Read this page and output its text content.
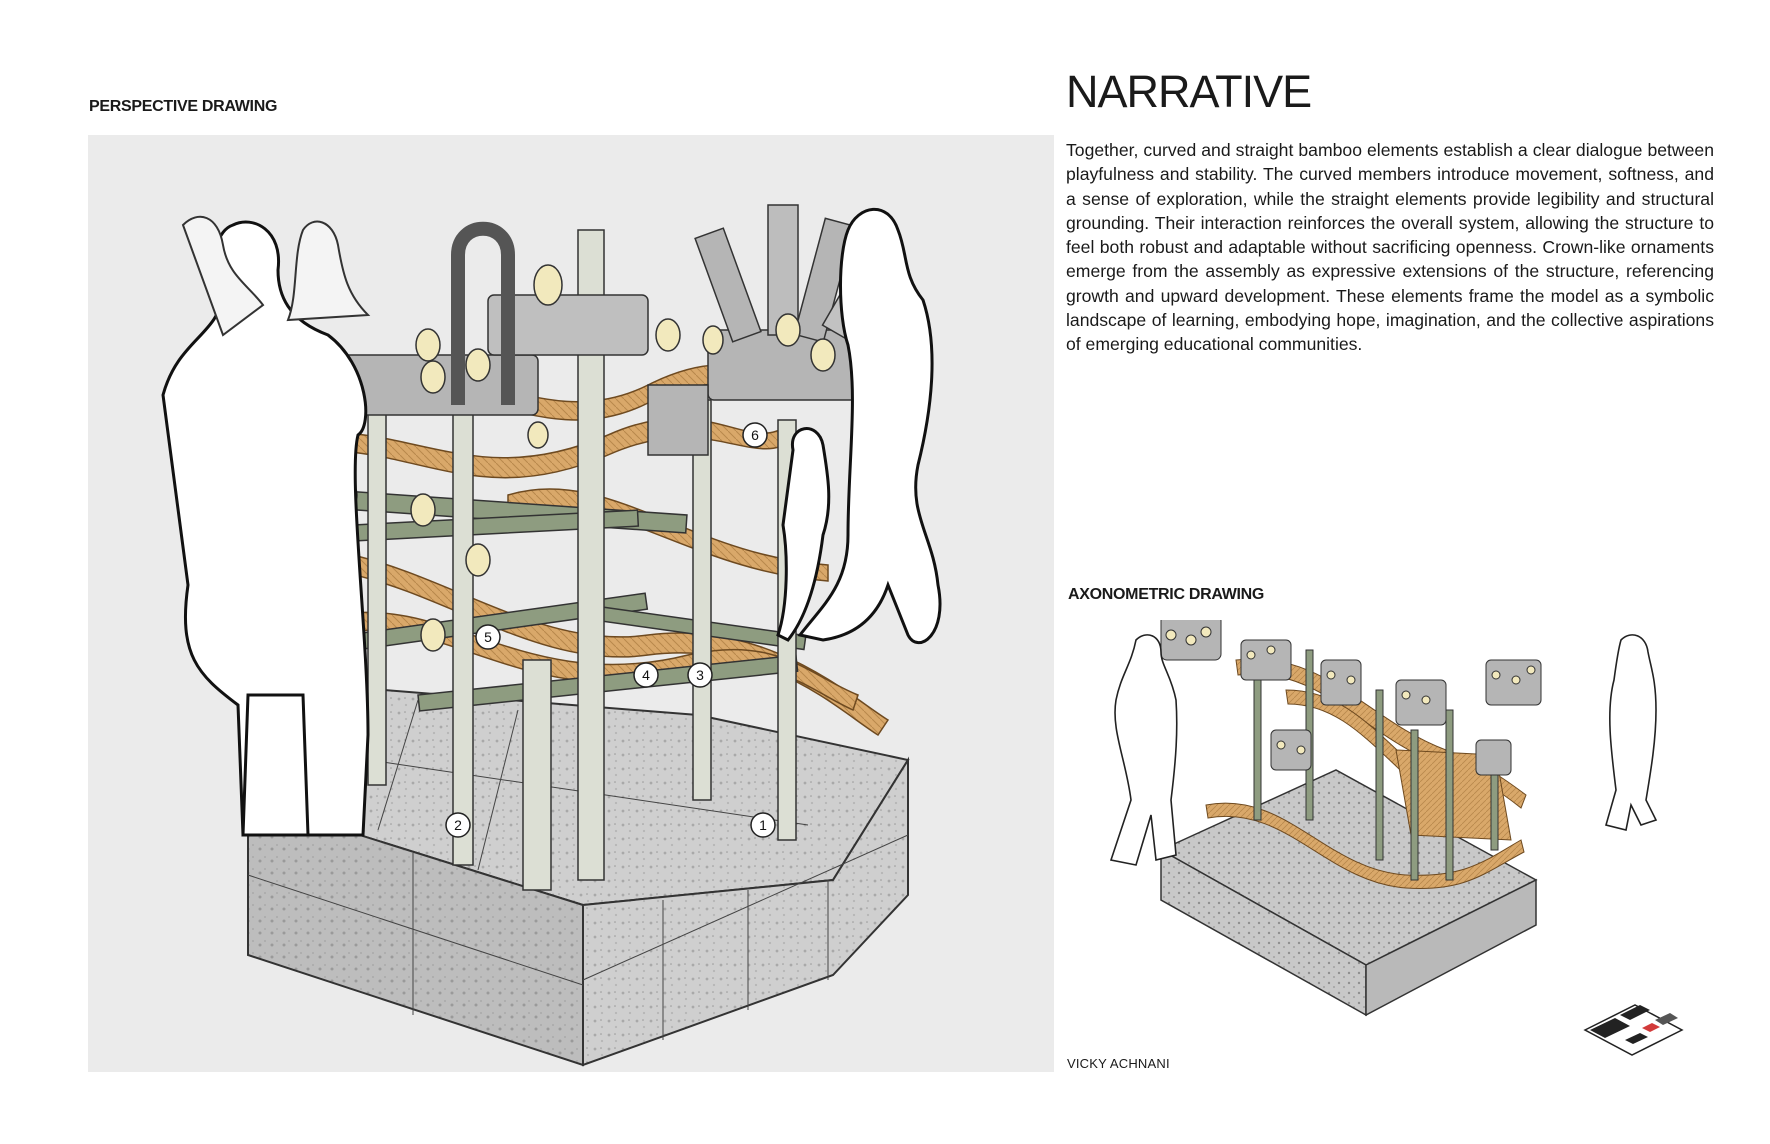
PERSPECTIVE DRAWING
1
2
3
4
5
6
NARRATIVE

Together, curved and straight bamboo elements establish a clear dialogue between playfulness and stability. The curved members introduce movement, softness, and a sense of exploration, while the straight elements provide legibility and structural grounding. Their interaction reinforces the overall system, allowing the structure to feel both robust and adaptable without sacrificing openness. Crown-like ornaments emerge from the assembly as expressive extensions of the structure, referencing growth and upward development. These elements frame the model as a symbolic landscape of learning, embodying hope, imagination, and the collective aspirations of emerging educational communities.

AXONOMETRIC DRAWING
VICKY ACHNANI
